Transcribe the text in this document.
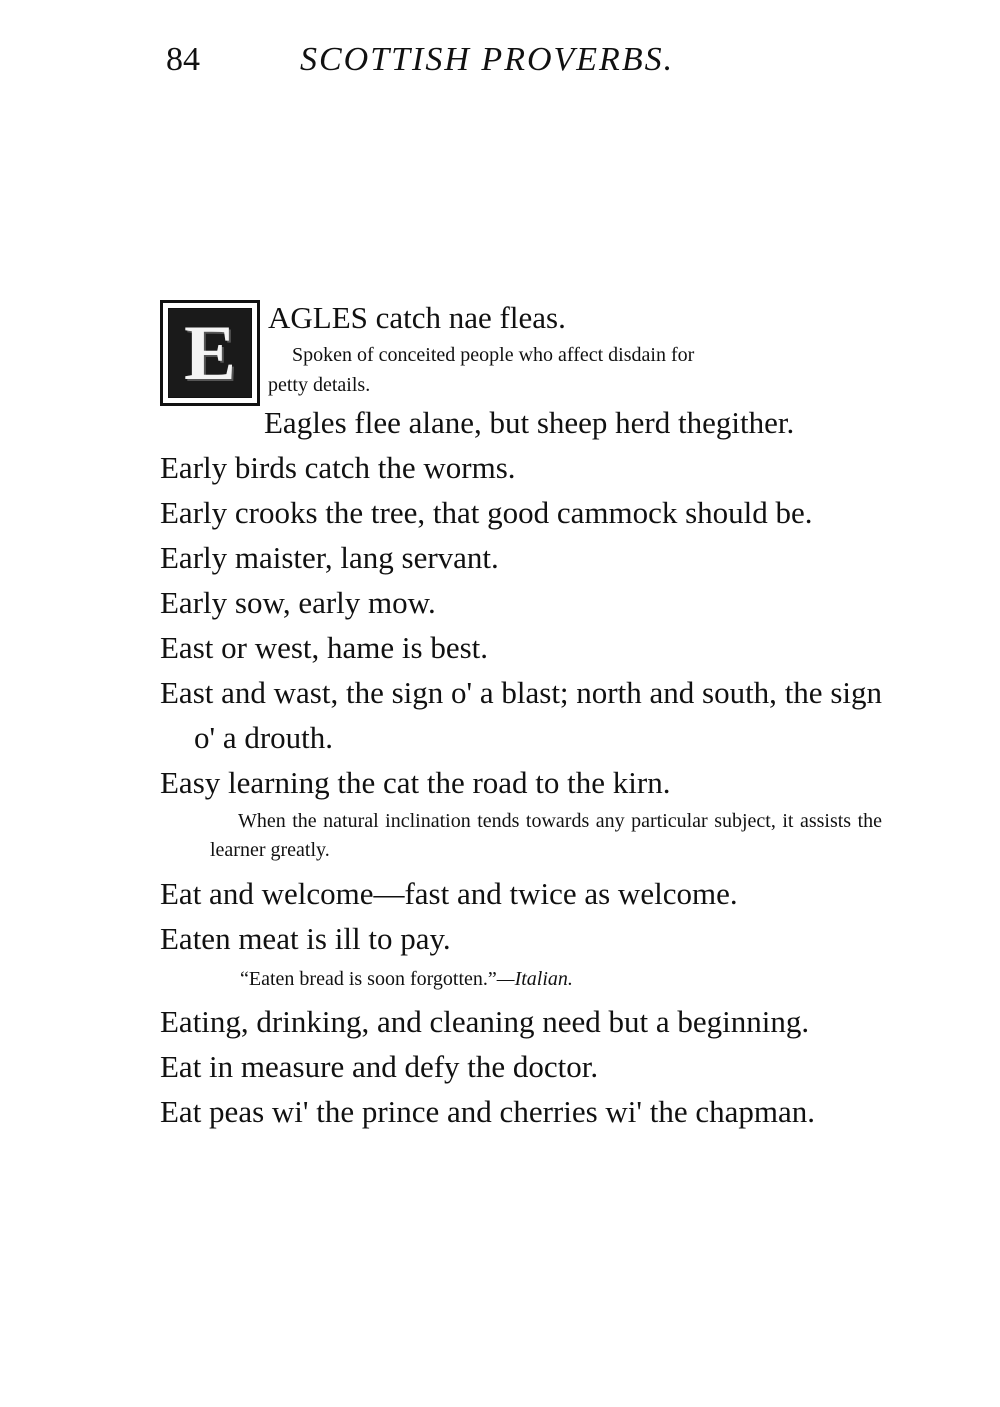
84	SCOTTISH PROVERBS.
E AGLES catch nae fleas.
Spoken of conceited people who affect disdain for
petty details.

Eagles flee alane, but sheep herd thegither.

Early birds catch the worms.

Early crooks the tree, that good cammock should be.

Early maister, lang servant.

Early sow, early mow.

East or west, hame is best.

East and wast, the sign o' a blast; north and south, the sign o' a drouth.

Easy learning the cat the road to the kirn.

When the natural inclination tends towards any particular subject, it assists the learner greatly.

Eat and welcome—fast and twice as welcome.

Eaten meat is ill to pay.

“Eaten bread is soon forgotten.”—Italian.

Eating, drinking, and cleaning need but a beginning.

Eat in measure and defy the doctor.

Eat peas wi' the prince and cherries wi' the chapman.
